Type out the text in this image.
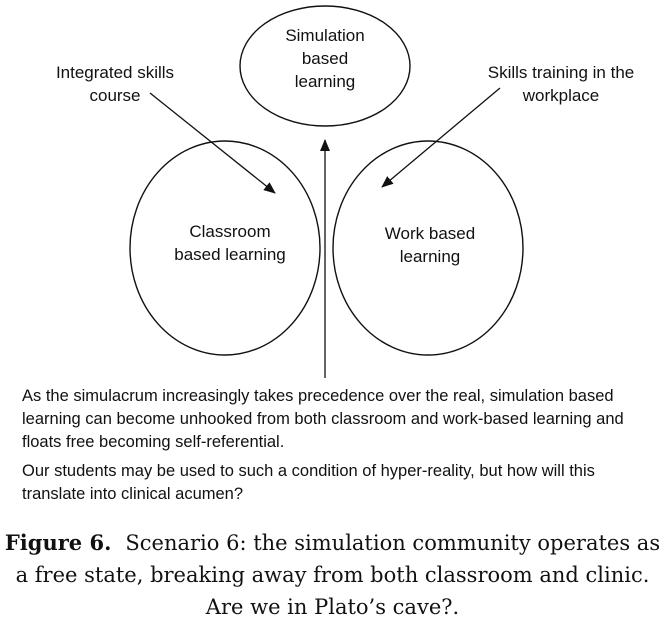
Simulation
based
learning
Classroom
based learning
Work based
learning
Integrated skills
course
Skills training in the
workplace
As the simulacrum increasingly takes precedence over the real, simulation based learning can become unhooked from both classroom and work-based learning and floats free becoming self-referential.
Our students may be used to such a condition of hyper-reality, but how will this translate into clinical acumen?
Figure 6. Scenario 6: the simulation community operates as a free state, breaking away from both classroom and clinic. Are we in Plato’s cave?.
